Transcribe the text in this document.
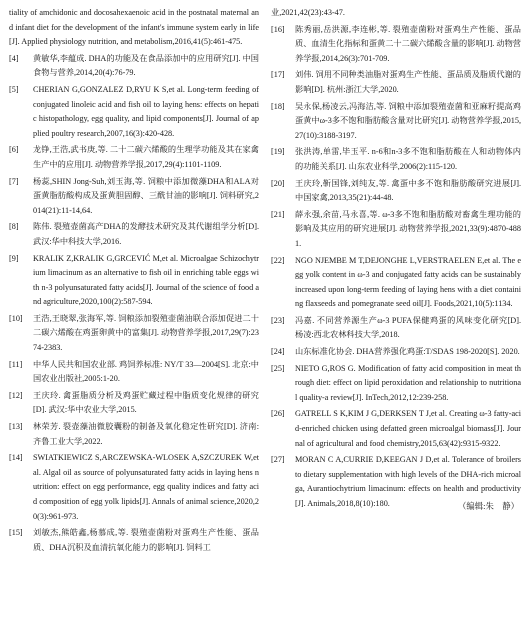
tiality of amchidonic and docosahexaenoic acid in the postnatal maternal and infant diet for the development of the infant's immune system early in life[J]. Applied physiology nutrition, and metabolism,2016,41(5):461-475.
[4]	黄敏华,李蕴成. DHA的功能及在食品添加中的应用研究[J]. 中国食物与营养,2014,20(4):76-79.
[5]	CHERIAN G,GONZALEZ D,RYU K S,et al. Long-term feeding of conjugated linoleic acid and fish oil to laying hens: effects on hepatic histopathology, egg quality, and lipid components[J]. Journal of applied poultry research,2007,16(3):420-428.
[6]	龙铮,王浩,武书庚,等. 二十二碳六烯酸的生理学功能及其在家禽生产中的应用[J]. 动物营养学报,2017,29(4):1101-1109.
[7]	杨蕊,SHIN Jong-Suh,刘玉海,等. 饲粮中添加微藻DHA和ALA对蛋黄脂肪酸构成及蛋黄胆固醇、三酰甘油的影响[J]. 饲料研究,2014(21):11-14,64.
[8]	陈伟. 裂殖壶菌高产DHA的发酵技术研究及其代谢组学分析[D]. 武汉:华中科技大学,2016.
[9]	KRALIK Z,KRALIK G,GRCEVIĆ M,et al. Microalgae Schizochytrium limacinum as an alternative to fish oil in enriching table eggs with n-3 polyunsaturated fatty acids[J]. Journal of the science of food and agriculture,2020,100(2):587-594.
[10]	王浩,王晓翠,张海军,等. 饲粮添加裂殖壶菌油联合添加促进二十二碳六烯酸在鸡蛋卵黄中的富集[J]. 动物营养学报,2017,29(7):2374-2383.
[11]	中华人民共和国农业部. 鸡饲养标准: NY/T 33—2004[S]. 北京:中国农业出版社,2005:1-20.
[12]	王庆玲. 禽蛋脂质分析及鸡蛋贮藏过程中脂质变化规律的研究[D]. 武汉:华中农业大学,2015.
[13]	林荣芳. 裂壶藻油微胶囊粉的制备及氧化稳定性研究[D]. 济南:齐鲁工业大学,2022.
[14]	SWIATKIEWICZ S,ARCZEWSKA-WLOSEK A,SZCZUREK W,et al. Algal oil as source of polyunsaturated fatty acids in laying hens nutrition: effect on egg performance, egg quality indices and fatty acid composition of egg yolk lipids[J]. Annals of animal science,2020,20(3):961-973.
[15]	刘敏杰,熊皓鑫,杨慕成,等. 裂殖壶菌粉对蛋鸡生产性能、蛋品质、DHA沉积及血清抗氧化能力的影响[J]. 饲料工
业,2021,42(23):43-47.
[16]	陈秀丽,岳洪源,李连彬,等. 裂殖壶菌粉对蛋鸡生产性能、蛋品质、血清生化指标和蛋黄二十二碳六烯酸含量的影响[J]. 动物营养学报,2014,26(3):701-709.
[17]	刘伟. 饲用不同种类油脂对蛋鸡生产性能、蛋品质及脂质代谢的影响[D]. 杭州:浙江大学,2020.
[18]	吴永保,杨凌云,冯海洁,等. 饲粮中添加裂殖壶菌和亚麻籽提高鸡蛋黄中ω-3多不饱和脂肪酸含量对比研究[J]. 动物营养学报,2015,27(10):3188-3197.
[19]	张洪涛,单雷,毕玉平. n-6和n-3多不饱和脂肪酸在人和动物体内的功能关系[J]. 山东农业科学,2006(2):115-120.
[20]	王庆玲,靳国锋,刘纯友,等. 禽蛋中多不饱和脂肪酸研究进展[J]. 中国家禽,2013,35(21):44-48.
[21]	薛永强,余苗,马永喜,等. ω-3多不饱和脂肪酸对畜禽生理功能的影响及其应用的研究进展[J]. 动物营养学报,2021,33(9):4870-4881.
[22]	NGO NJEMBE M T,DEJONGHE L,VERSTRAELEN E,et al. The egg yolk content in ω-3 and conjugated fatty acids can be sustainably increased upon long-term feeding of laying hens with a diet containing flaxseeds and pomegranate seed oil[J]. Foods,2021,10(5):1134.
[23]	冯嘉. 不同营养源生产ω-3 PUFA保健鸡蛋的风味变化研究[D]. 杨凌:西北农林科技大学,2018.
[24]	山东标准化协会. DHA营养强化鸡蛋:T/SDAS 198-2020[S]. 2020.
[25]	NIETO G,ROS G. Modification of fatty acid composition in meat through diet: effect on lipid peroxidation and relationship to nutritional quality-a review[J]. InTech,2012,12:239-258.
[26]	GATRELL S K,KIM J G,DERKSEN T J,et al. Creating ω-3 fatty-acid-enriched chicken using defatted green microalgal biomass[J]. Journal of agricultural and food chemistry,2015,63(42):9315-9322.
[27]	MORAN C A,CURRIE D,KEEGAN J D,et al. Tolerance of broilers to dietary supplementation with high levels of the DHA-rich microalga, Aurantiochytrium limacinum: effects on health and productivity[J]. Animals,2018,8(10):180.	（编辑:朱　静）
